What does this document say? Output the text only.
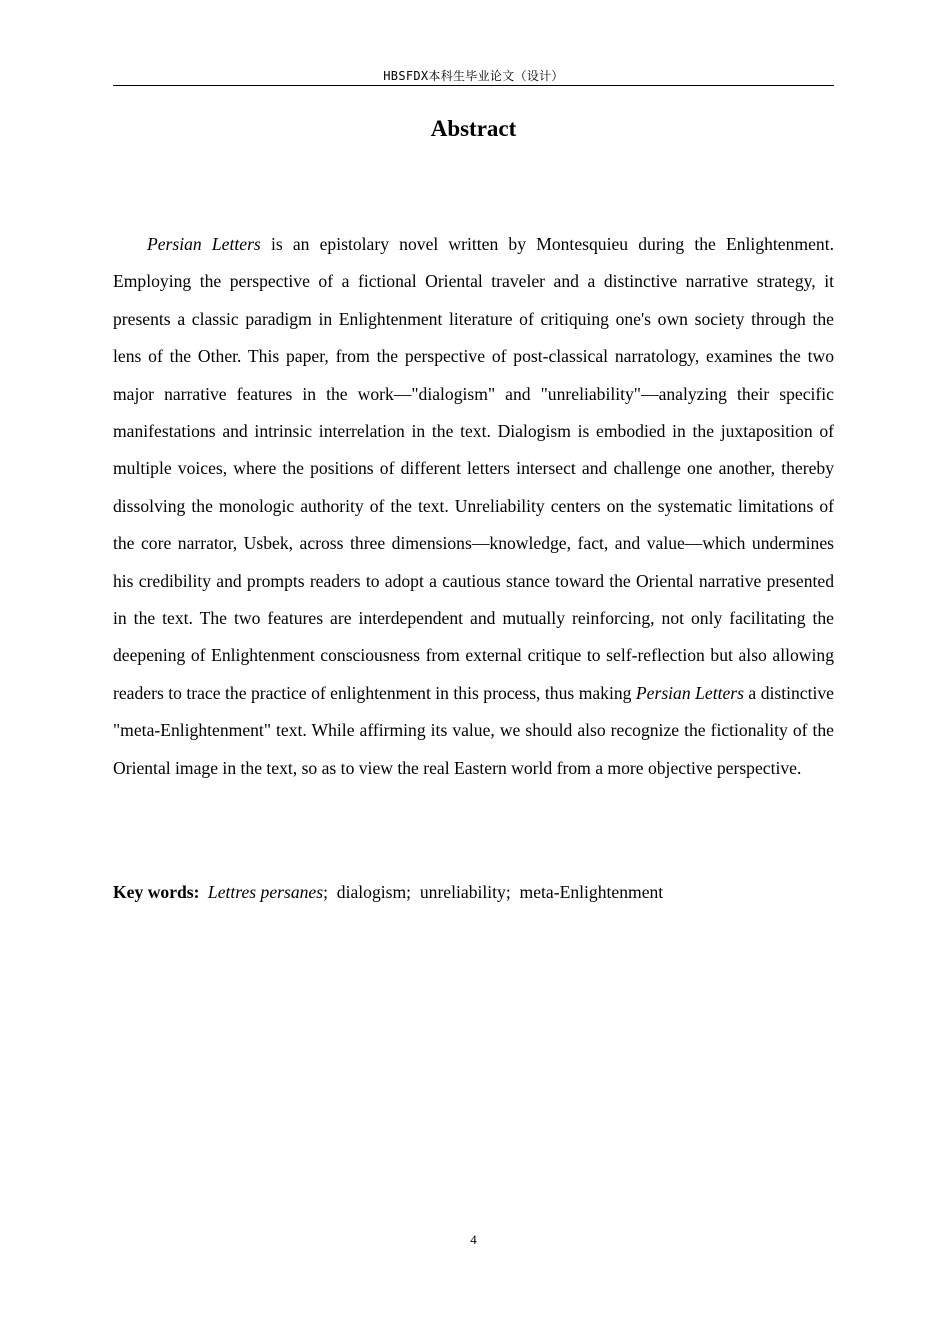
HBSFDX本科生毕业论文（设计）
Abstract

Persian Letters is an epistolary novel written by Montesquieu during the Enlightenment. Employing the perspective of a fictional Oriental traveler and a distinctive narrative strategy, it presents a classic paradigm in Enlightenment literature of critiquing one's own society through the lens of the Other. This paper, from the perspective of post-classical narratology, examines the two major narrative features in the work—"dialogism" and "unreliability"—analyzing their specific manifestations and intrinsic interrelation in the text. Dialogism is embodied in the juxtaposition of multiple voices, where the positions of different letters intersect and challenge one another, thereby dissolving the monologic authority of the text. Unreliability centers on the systematic limitations of the core narrator, Usbek, across three dimensions—knowledge, fact, and value—which undermines his credibility and prompts readers to adopt a cautious stance toward the Oriental narrative presented in the text. The two features are interdependent and mutually reinforcing, not only facilitating the deepening of Enlightenment consciousness from external critique to self-reflection but also allowing readers to trace the practice of enlightenment in this process, thus making Persian Letters a distinctive "meta-Enlightenment" text. While affirming its value, we should also recognize the fictionality of the Oriental image in the text, so as to view the real Eastern world from a more objective perspective.

Key words: Lettres persanes; dialogism; unreliability; meta-Enlightenment

4
